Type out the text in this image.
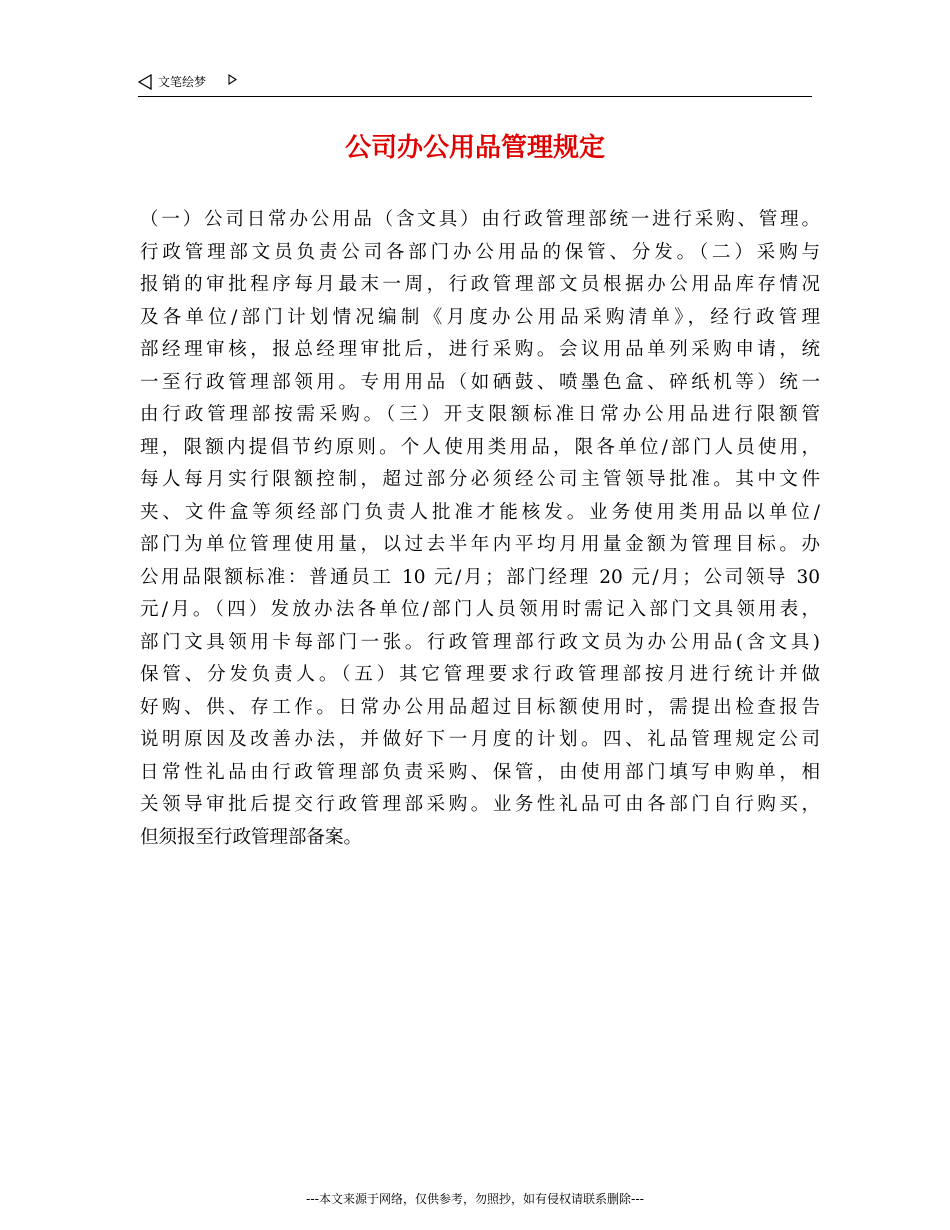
文笔绘梦
公司办公用品管理规定
（一）公司日常办公用品（含文具）由行政管理部统一进行采购、管理。
行政管理部文员负责公司各部门办公用品的保管、分发。（二）采购与
报销的审批程序每月最末一周，行政管理部文员根据办公用品库存情况
及各单位/部门计划情况编制《月度办公用品采购清单》，经行政管理
部经理审核，报总经理审批后，进行采购。会议用品单列采购申请，统
一至行政管理部领用。专用用品（如硒鼓、喷墨色盒、碎纸机等）统一
由行政管理部按需采购。（三）开支限额标准日常办公用品进行限额管
理，限额内提倡节约原则。个人使用类用品，限各单位/部门人员使用，
每人每月实行限额控制，超过部分必须经公司主管领导批准。其中文件
夹、文件盒等须经部门负责人批准才能核发。业务使用类用品以单位/
部门为单位管理使用量，以过去半年内平均月用量金额为管理目标。办
公用品限额标准：普通员工 10 元/月；部门经理 20 元/月；公司领导 30
元/月。（四）发放办法各单位/部门人员领用时需记入部门文具领用表，
部门文具领用卡每部门一张。行政管理部行政文员为办公用品(含文具)
保管、分发负责人。（五）其它管理要求行政管理部按月进行统计并做
好购、供、存工作。日常办公用品超过目标额使用时，需提出检查报告
说明原因及改善办法，并做好下一月度的计划。四、礼品管理规定公司
日常性礼品由行政管理部负责采购、保管，由使用部门填写申购单，相
关领导审批后提交行政管理部采购。业务性礼品可由各部门自行购买，
但须报至行政管理部备案。
---本文来源于网络，仅供参考，勿照抄，如有侵权请联系删除---
